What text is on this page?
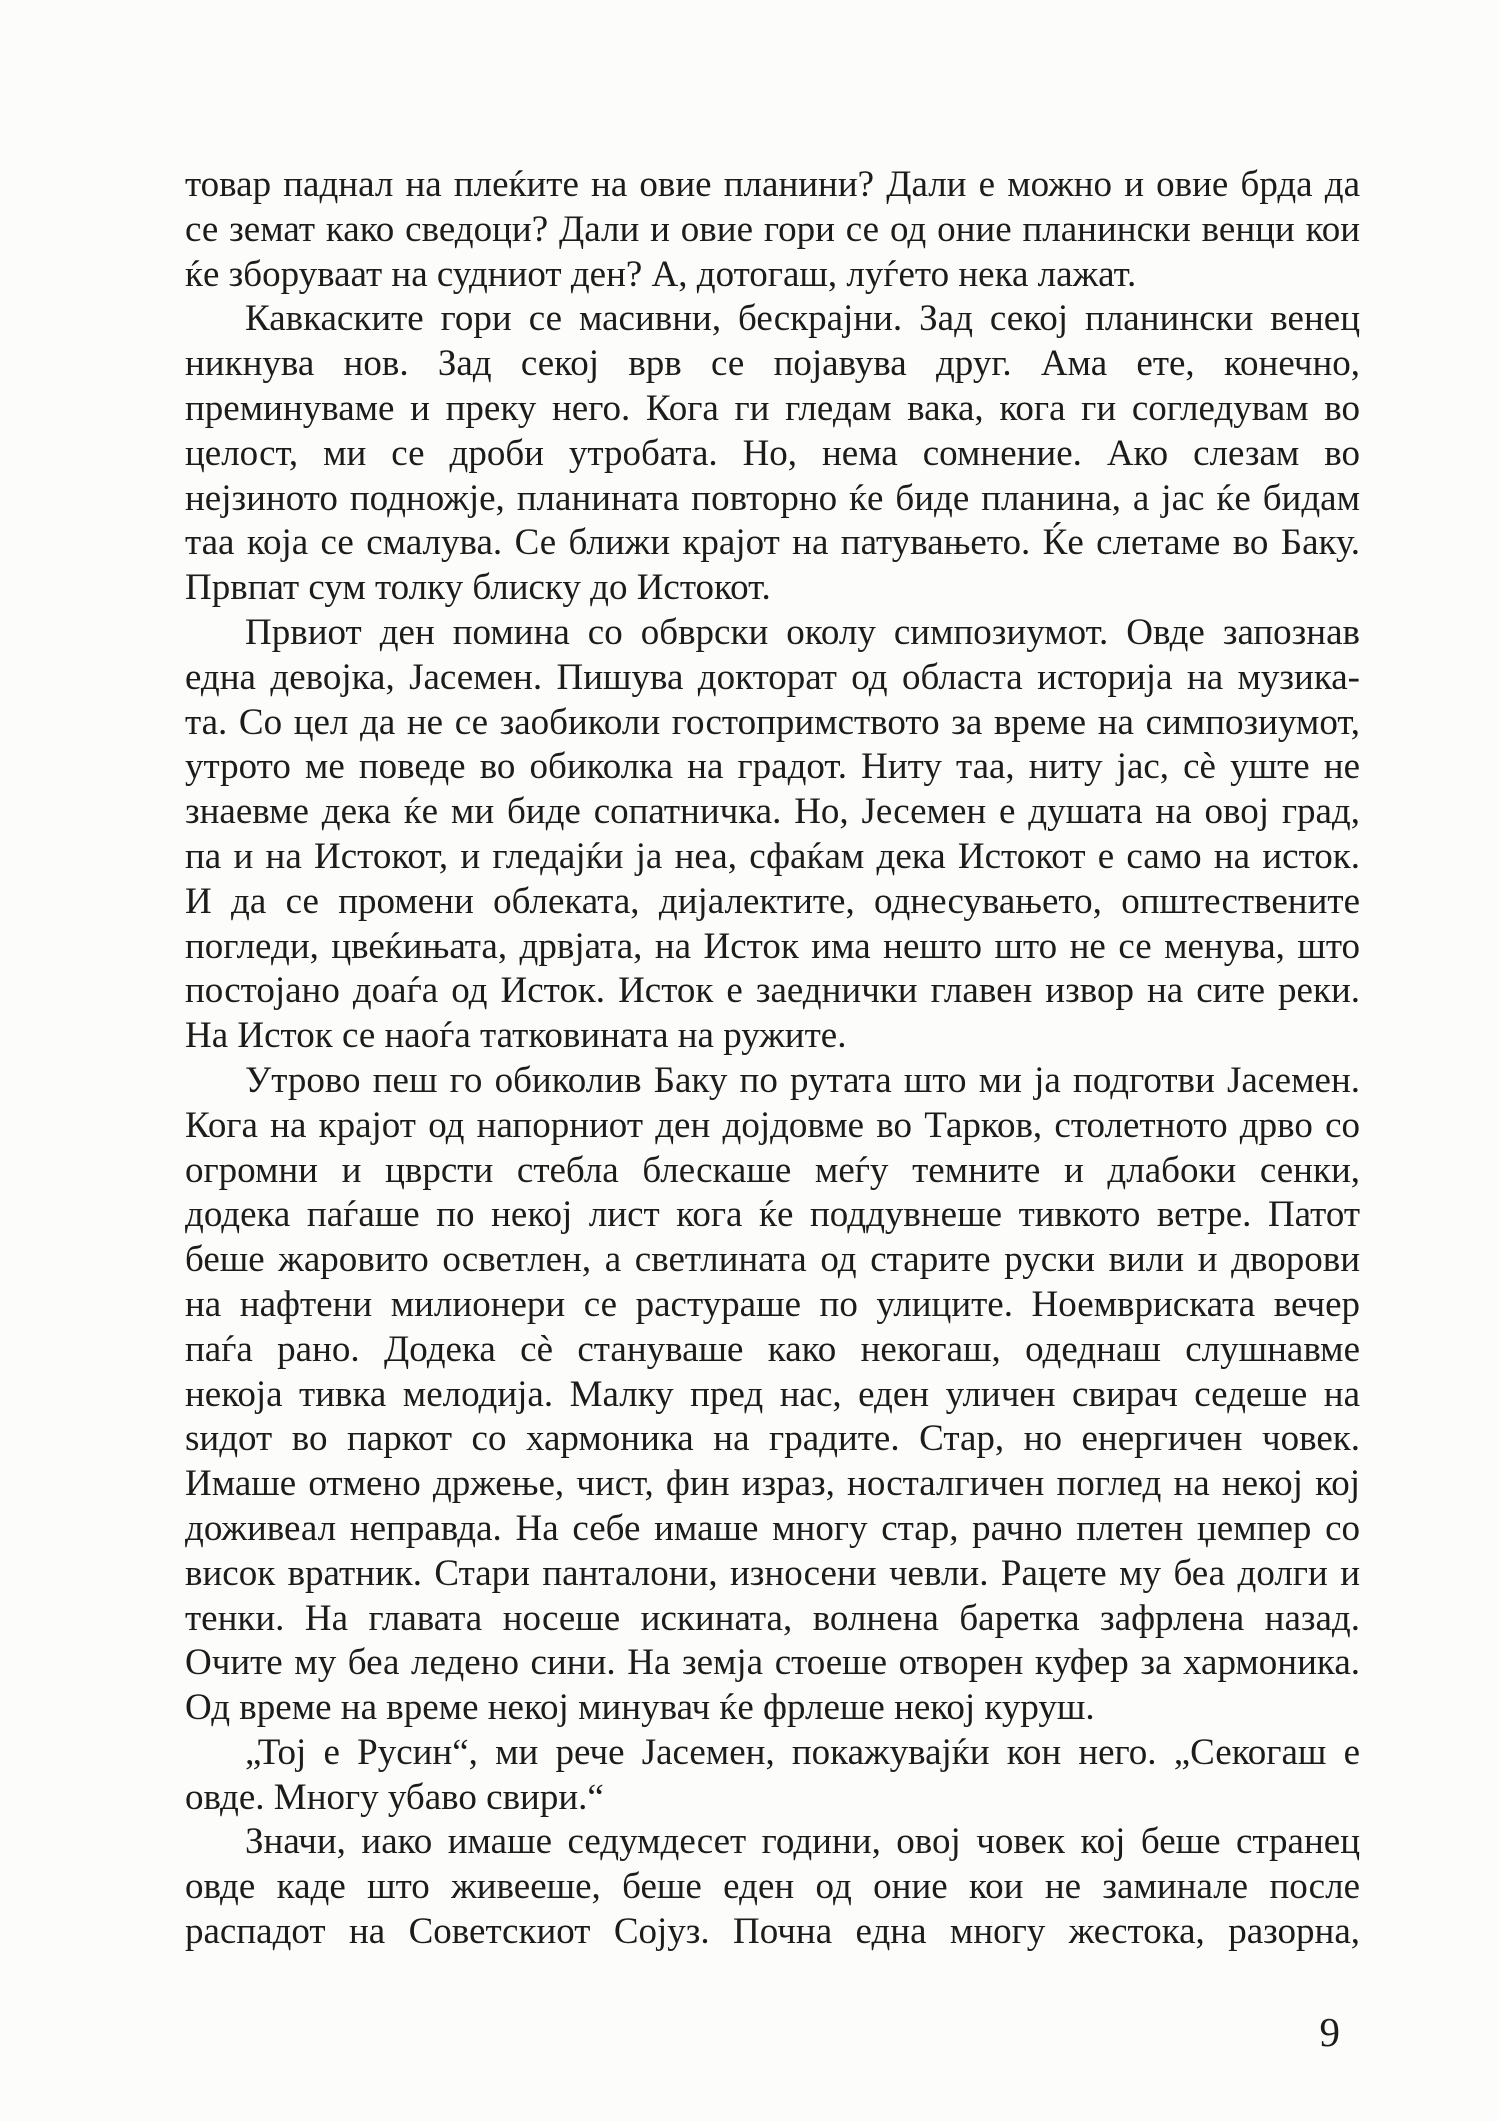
товар паднал на плеќите на овие планини? Дали е можно и овие брда да
се земат како сведоци? Дали и овие гори се од оние планински венци кои
ќе зборуваат на судниот ден? А, дотогаш, луѓето нека лажат.
Кавкаските гори се масивни, бескрајни. Зад секој планински венец
никнува нов. Зад секој врв се појавува друг. Ама ете, конечно,
преминуваме и преку него. Кога ги гледам вака, кога ги согледувам во
целост, ми се дроби утробата. Но, нема сомнение. Ако слезам во
нејзиното подножје, планината повторно ќе биде планина, а јас ќе бидам
таа која се смалува. Се ближи крајот на патувањето. Ќе слетаме во Баку.
Првпат сум толку блиску до Истокот.
Првиот ден помина со обврски околу симпозиумот. Овде запознав
една девојка, Јасемен. Пишува докторат од областа историја на музика-
та. Со цел да не се заобиколи гостопримството за време на симпозиумот,
утрото ме поведе во обиколка на градот. Ниту таа, ниту јас, сè уште не
знаевме дека ќе ми биде сопатничка. Но, Јесемен е душата на овој град,
па и на Истокот, и гледајќи ја неа, сфаќам дека Истокот е само на исток.
И да се промени облеката, дијалектите, однесувањето, општествените
погледи, цвеќињата, дрвјата, на Исток има нешто што не се менува, што
постојано доаѓа од Исток. Исток е заеднички главен извор на сите реки.
На Исток се наоѓа татковината на ружите.
Утрово пеш го обиколив Баку по рутата што ми ја подготви Јасемен.
Кога на крајот од напорниот ден дојдовме во Тарков, столетното дрво со
огромни и цврсти стебла блескаше меѓу темните и длабоки сенки,
додека паѓаше по некој лист кога ќе поддувнеше тивкото ветре. Патот
беше жаровито осветлен, а светлината од старите руски вили и дворови
на нафтени милионери се растураше по улиците. Ноемвриската вечер
паѓа рано. Додека сè стануваше како некогаш, одеднаш слушнавме
некоја тивка мелодија. Малку пред нас, еден уличен свирач седеше на
ѕидот во паркот со хармоника на градите. Стар, но енергичен човек.
Имаше отмено држење, чист, фин израз, носталгичен поглед на некој кој
доживеал неправда. На себе имаше многу стар, рачно плетен џемпер со
висок вратник. Стари панталони, износени чевли. Рацете му беа долги и
тенки. На главата носеше искината, волнена баретка зафрлена назад.
Очите му беа ледено сини. На земја стоеше отворен куфер за хармоника.
Од време на време некој минувач ќе фрлеше некој куруш.
„Тој е Русин“, ми рече Јасемен, покажувајќи кон него. „Секогаш е
овде. Многу убаво свири.“
Значи, иако имаше седумдесет години, овој човек кој беше странец
овде каде што живееше, беше еден од оние кои не заминале после
распадот на Советскиот Сојуз. Почна една многу жестока, разорна,
9
